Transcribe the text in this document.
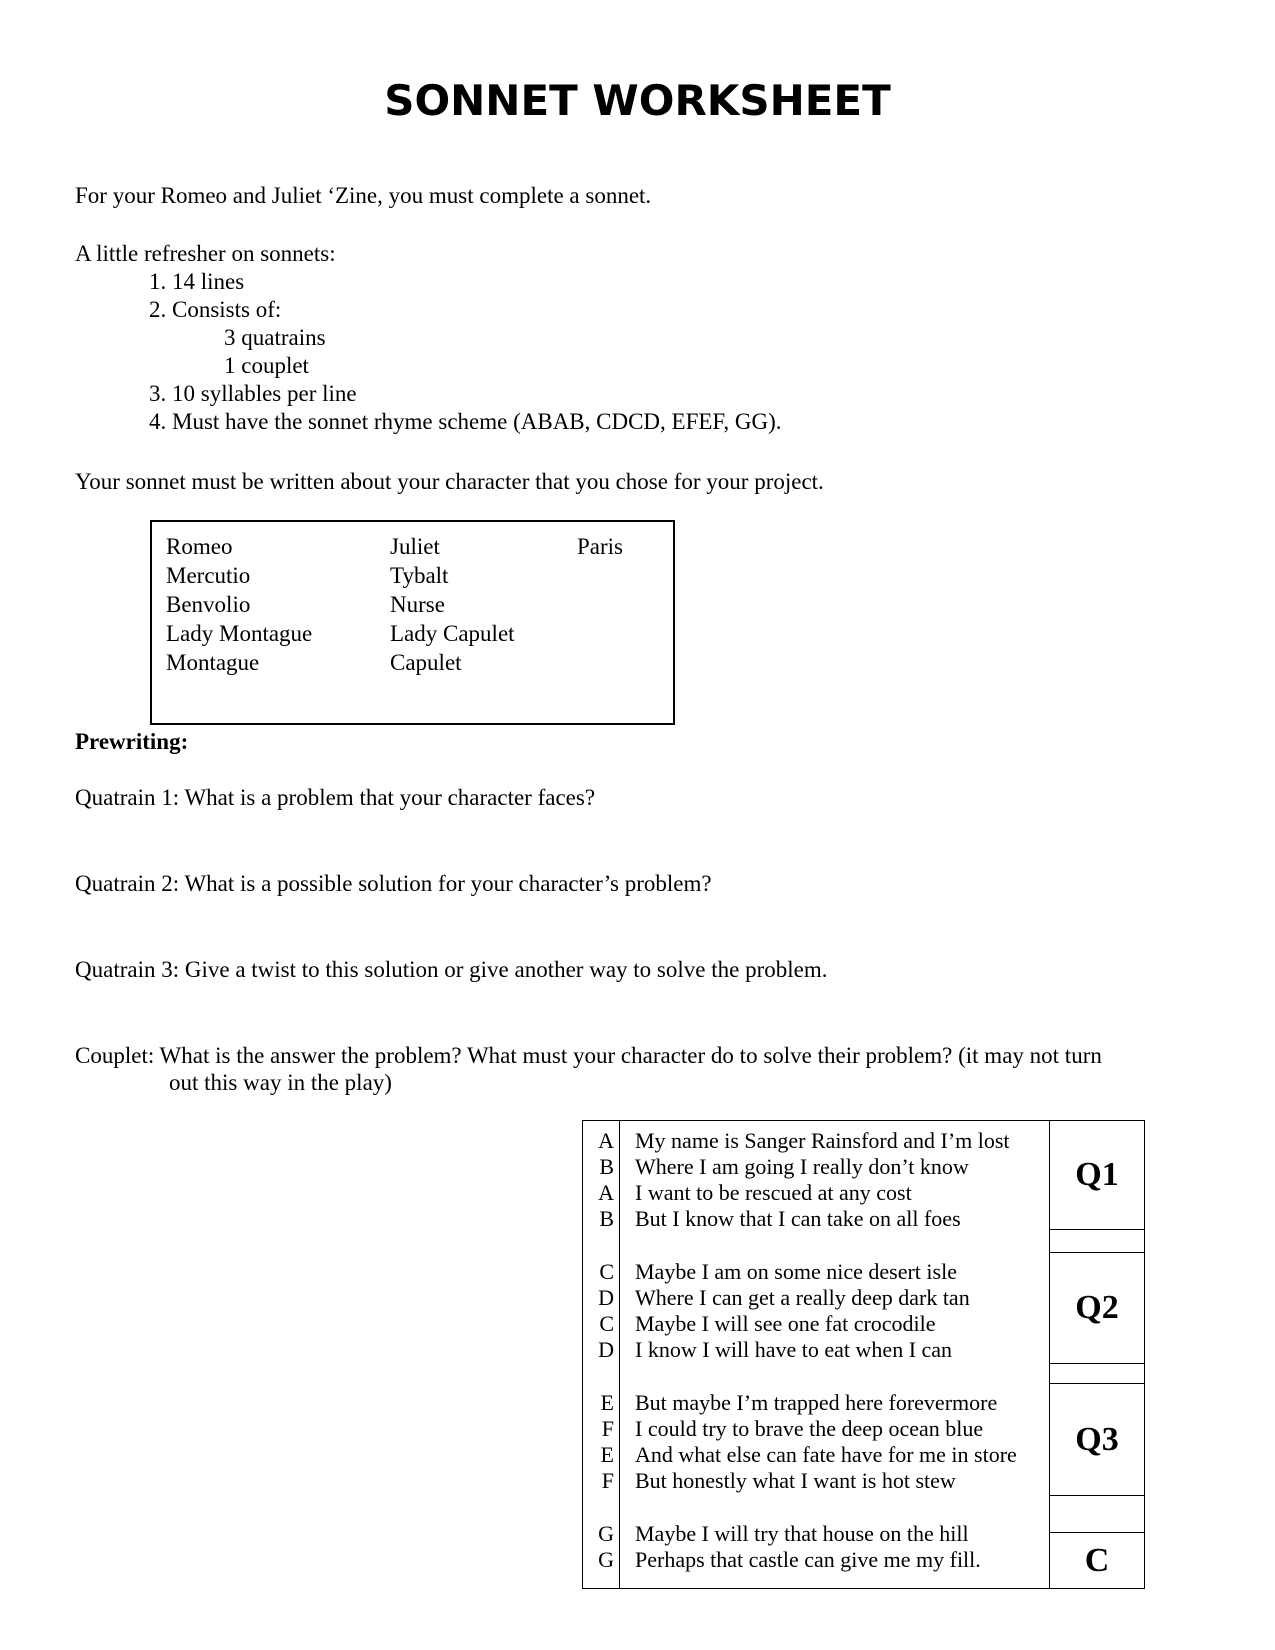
SONNET WORKSHEET
For your Romeo and Juliet ‘Zine, you must complete a sonnet.
A little refresher on sonnets:
1. 14 lines
2. Consists of:
3 quatrains
1 couplet
3. 10 syllables per line
4. Must have the sonnet rhyme scheme (ABAB, CDCD, EFEF, GG).
Your sonnet must be written about your character that you chose for your project.
Romeo
Mercutio
Benvolio
Lady Montague
Montague
Juliet
Tybalt
Nurse
Lady Capulet
Capulet
Paris
Prewriting:
Quatrain 1: What is a problem that your character faces?
Quatrain 2: What is a possible solution for your character’s problem?
Quatrain 3: Give a twist to this solution or give another way to solve the problem.
Couplet: What is the answer the problem? What must your character do to solve their problem? (it may not turn
out this way in the play)
A
B
A
B
C
D
C
D
E
F
E
F
G
G
My name is Sanger Rainsford and I’m lost
Where I am going I really don’t know
I want to be rescued at any cost
But I know that I can take on all foes
Maybe I am on some nice desert isle
Where I can get a really deep dark tan
Maybe I will see one fat crocodile
I know I will have to eat when I can
But maybe I’m trapped here forevermore
I could try to brave the deep ocean blue
And what else can fate have for me in store
But honestly what I want is hot stew
Maybe I will try that house on the hill
Perhaps that castle can give me my fill.
Q1
Q2
Q3
C
